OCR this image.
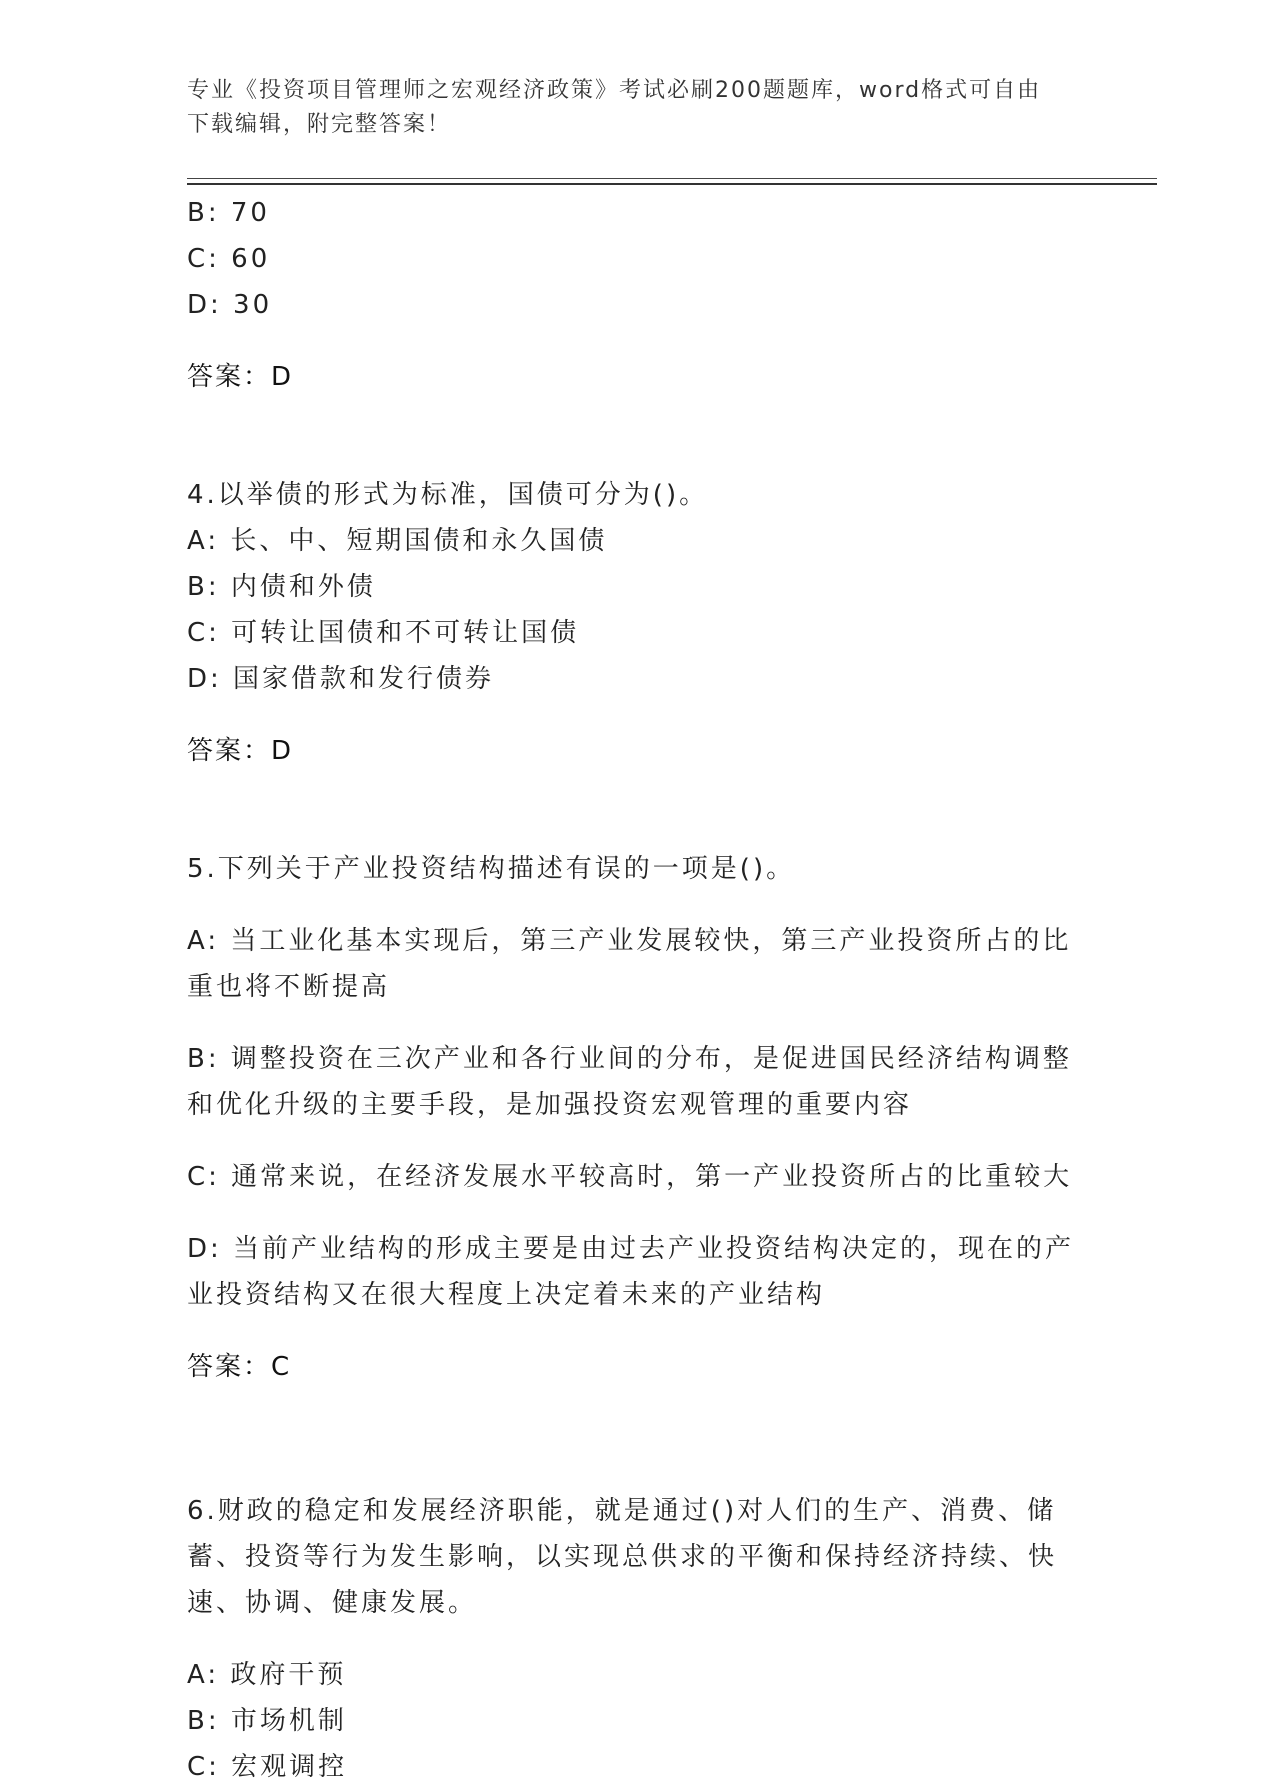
专业《投资项目管理师之宏观经济政策》考试必刷200题题库，word格式可自由
下载编辑，附完整答案！

B: 70

C: 60

D: 30

答案：D

4.以举债的形式为标准，国债可分为()。

A: 长、中、短期国债和永久国债

B: 内债和外债

C: 可转让国债和不可转让国债

D: 国家借款和发行债券

答案：D

5.下列关于产业投资结构描述有误的一项是()。

A: 当工业化基本实现后，第三产业发展较快，第三产业投资所占的比重也将不断提高

B: 调整投资在三次产业和各行业间的分布，是促进国民经济结构调整和优化升级的主要手段，是加强投资宏观管理的重要内容

C: 通常来说，在经济发展水平较高时，第一产业投资所占的比重较大

D: 当前产业结构的形成主要是由过去产业投资结构决定的，现在的产业投资结构又在很大程度上决定着未来的产业结构

答案：C

6.财政的稳定和发展经济职能，就是通过()对人们的生产、消费、储蓄、投资等行为发生影响，以实现总供求的平衡和保持经济持续、快速、协调、健康发展。

A: 政府干预

B: 市场机制

C: 宏观调控
